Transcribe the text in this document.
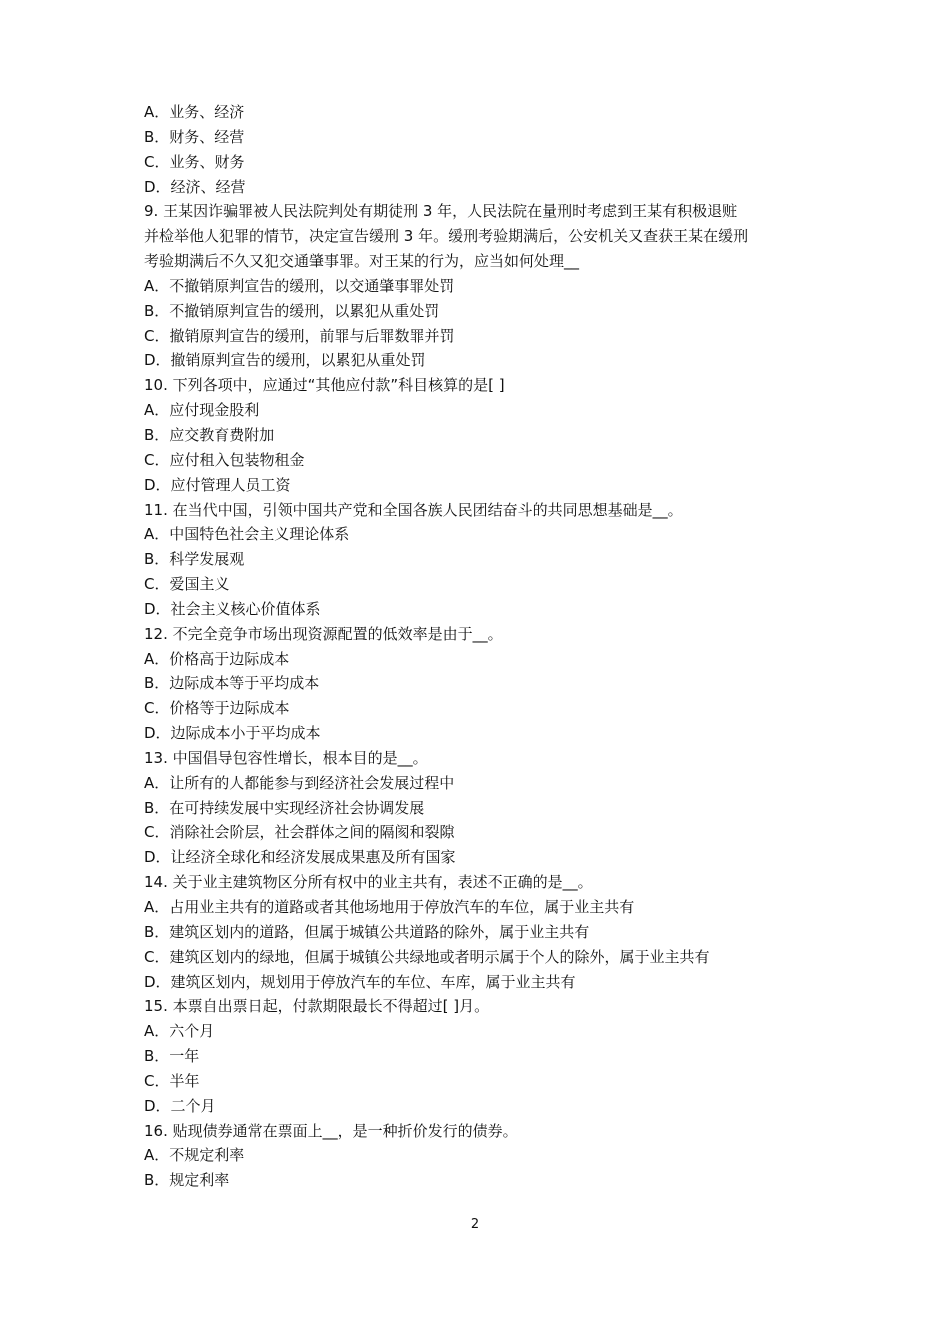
A．业务、经济
B．财务、经营
C．业务、财务
D．经济、经营
9. 王某因诈骗罪被人民法院判处有期徒刑 3 年，人民法院在量刑时考虑到王某有积极退赃
并检举他人犯罪的情节，决定宣告缓刑 3 年。缓刑考验期满后，公安机关又查获王某在缓刑
考验期满后不久又犯交通肇事罪。对王某的行为，应当如何处理__
A．不撤销原判宣告的缓刑，以交通肇事罪处罚
B．不撤销原判宣告的缓刑，以累犯从重处罚
C．撤销原判宣告的缓刑，前罪与后罪数罪并罚
D．撤销原判宣告的缓刑，以累犯从重处罚
10. 下列各项中，应通过“其他应付款”科目核算的是[ ]
A．应付现金股利
B．应交教育费附加
C．应付租入包装物租金
D．应付管理人员工资
11. 在当代中国，引领中国共产党和全国各族人民团结奋斗的共同思想基础是__。
A．中国特色社会主义理论体系
B．科学发展观
C．爱国主义
D．社会主义核心价值体系
12. 不完全竞争市场出现资源配置的低效率是由于__。
A．价格高于边际成本
B．边际成本等于平均成本
C．价格等于边际成本
D．边际成本小于平均成本
13. 中国倡导包容性增长，根本目的是__。
A．让所有的人都能参与到经济社会发展过程中
B．在可持续发展中实现经济社会协调发展
C．消除社会阶层，社会群体之间的隔阂和裂隙
D．让经济全球化和经济发展成果惠及所有国家
14. 关于业主建筑物区分所有权中的业主共有，表述不正确的是__。
A．占用业主共有的道路或者其他场地用于停放汽车的车位，属于业主共有
B．建筑区划内的道路，但属于城镇公共道路的除外，属于业主共有
C．建筑区划内的绿地，但属于城镇公共绿地或者明示属于个人的除外，属于业主共有
D．建筑区划内，规划用于停放汽车的车位、车库，属于业主共有
15. 本票自出票日起，付款期限最长不得超过[ ]月。
A．六个月
B．一年
C．半年
D．二个月
16. 贴现债券通常在票面上__，是一种折价发行的债券。
A．不规定利率
B．规定利率
2
